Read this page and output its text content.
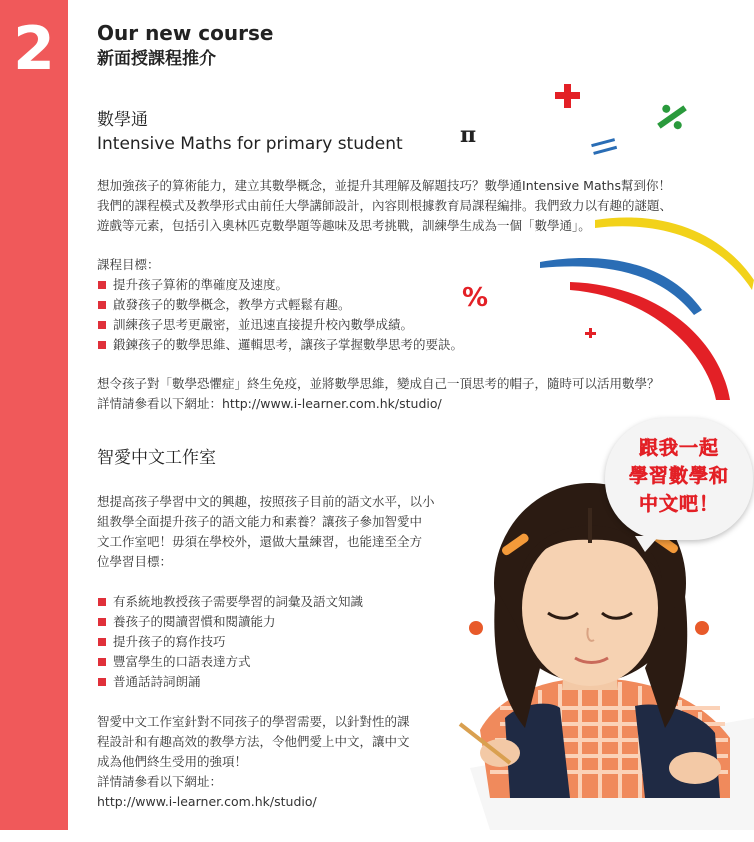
2
π
%
跟我一起
學習數學和
中文吧！
Our new course
新面授課程推介
數學通
Intensive Maths for primary student

想加強孩子的算術能力，建立其數學概念，並提升其理解及解題技巧？數學通Intensive Maths幫到你！

我們的課程模式及教學形式由前任大學講師設計，內容則根據教育局課程編排。我們致力以有趣的謎題、

遊戲等元素，包括引入奧林匹克數學題等趣味及思考挑戰，訓練學生成為一個「數學通」。

課程目標：

提升孩子算術的準確度及速度。
啟發孩子的數學概念，教學方式輕鬆有趣。
訓練孩子思考更嚴密，並迅速直接提升校內數學成績。
鍛鍊孩子的數學思維、邏輯思考，讓孩子掌握數學思考的要訣。

想令孩子對「數學恐懼症」終生免疫，並將數學思維，變成自己一頂思考的帽子，隨時可以活用數學？

詳情請參看以下網址：http://www.i-learner.com.hk/studio/

智愛中文工作室

想提高孩子學習中文的興趣，按照孩子目前的語文水平，以小

組教學全面提升孩子的語文能力和素養？讓孩子參加智愛中

文工作室吧！毋須在學校外，還做大量練習，也能達至全方

位學習目標：

有系統地教授孩子需要學習的詞彙及語文知識
養孩子的閱讀習慣和閱讀能力
提升孩子的寫作技巧
豐富學生的口語表達方式
普通話詩詞朗誦

智愛中文工作室針對不同孩子的學習需要，以針對性的課

程設計和有趣高效的教學方法，令他們愛上中文，讓中文

成為他們終生受用的強項！

詳情請參看以下網址：

http://www.i-learner.com.hk/studio/
